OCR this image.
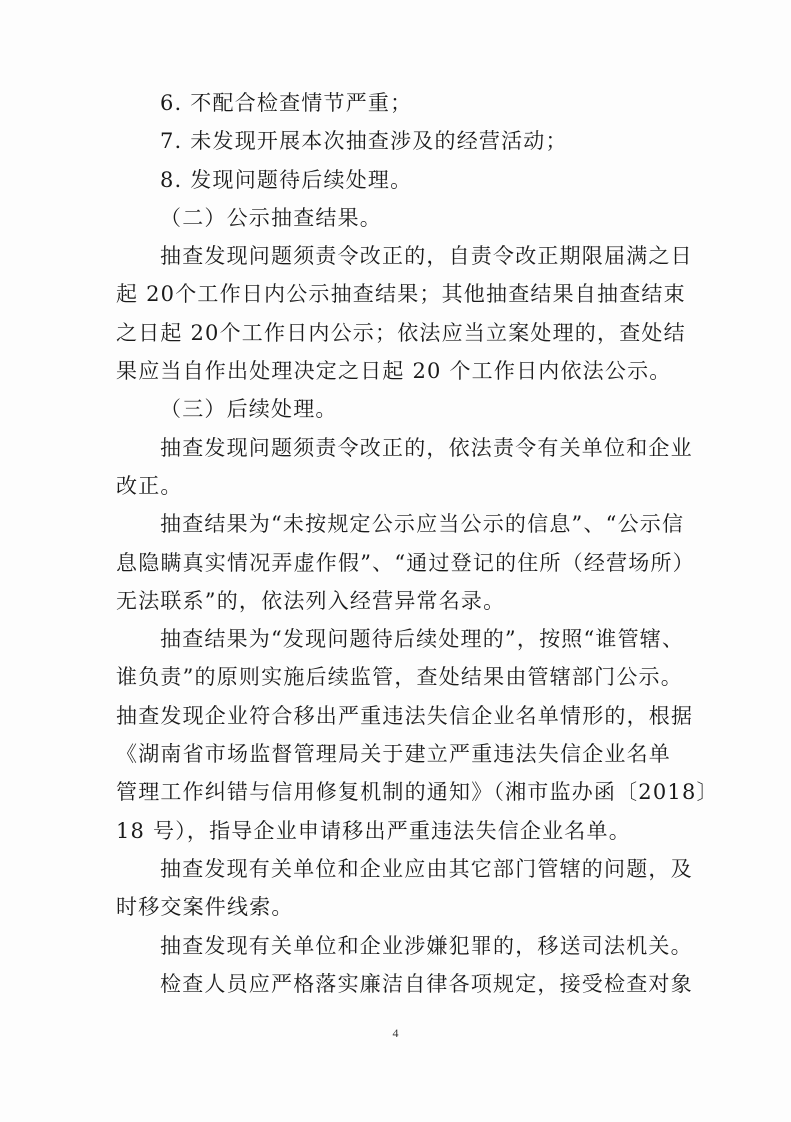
6. 不配合检查情节严重；
7. 未发现开展本次抽查涉及的经营活动；
8. 发现问题待后续处理。
（二）公示抽查结果。
抽查发现问题须责令改正的，自责令改正期限届满之日
起 20个工作日内公示抽查结果；其他抽查结果自抽查结束
之日起 20个工作日内公示；依法应当立案处理的，查处结
果应当自作出处理决定之日起 20 个工作日内依法公示。
（三）后续处理。
抽查发现问题须责令改正的，依法责令有关单位和企业
改正。
抽查结果为“未按规定公示应当公示的信息”、“公示信
息隐瞒真实情况弄虚作假”、“通过登记的住所（经营场所）
无法联系”的，依法列入经营异常名录。
抽查结果为“发现问题待后续处理的”，按照“谁管辖、
谁负责”的原则实施后续监管，查处结果由管辖部门公示。
抽查发现企业符合移出严重违法失信企业名单情形的，根据
《湖南省市场监督管理局关于建立严重违法失信企业名单
管理工作纠错与信用修复机制的通知》（湘市监办函〔2018〕
18 号），指导企业申请移出严重违法失信企业名单。
抽查发现有关单位和企业应由其它部门管辖的问题，及
时移交案件线索。
抽查发现有关单位和企业涉嫌犯罪的，移送司法机关。
检查人员应严格落实廉洁自律各项规定，接受检查对象
4
